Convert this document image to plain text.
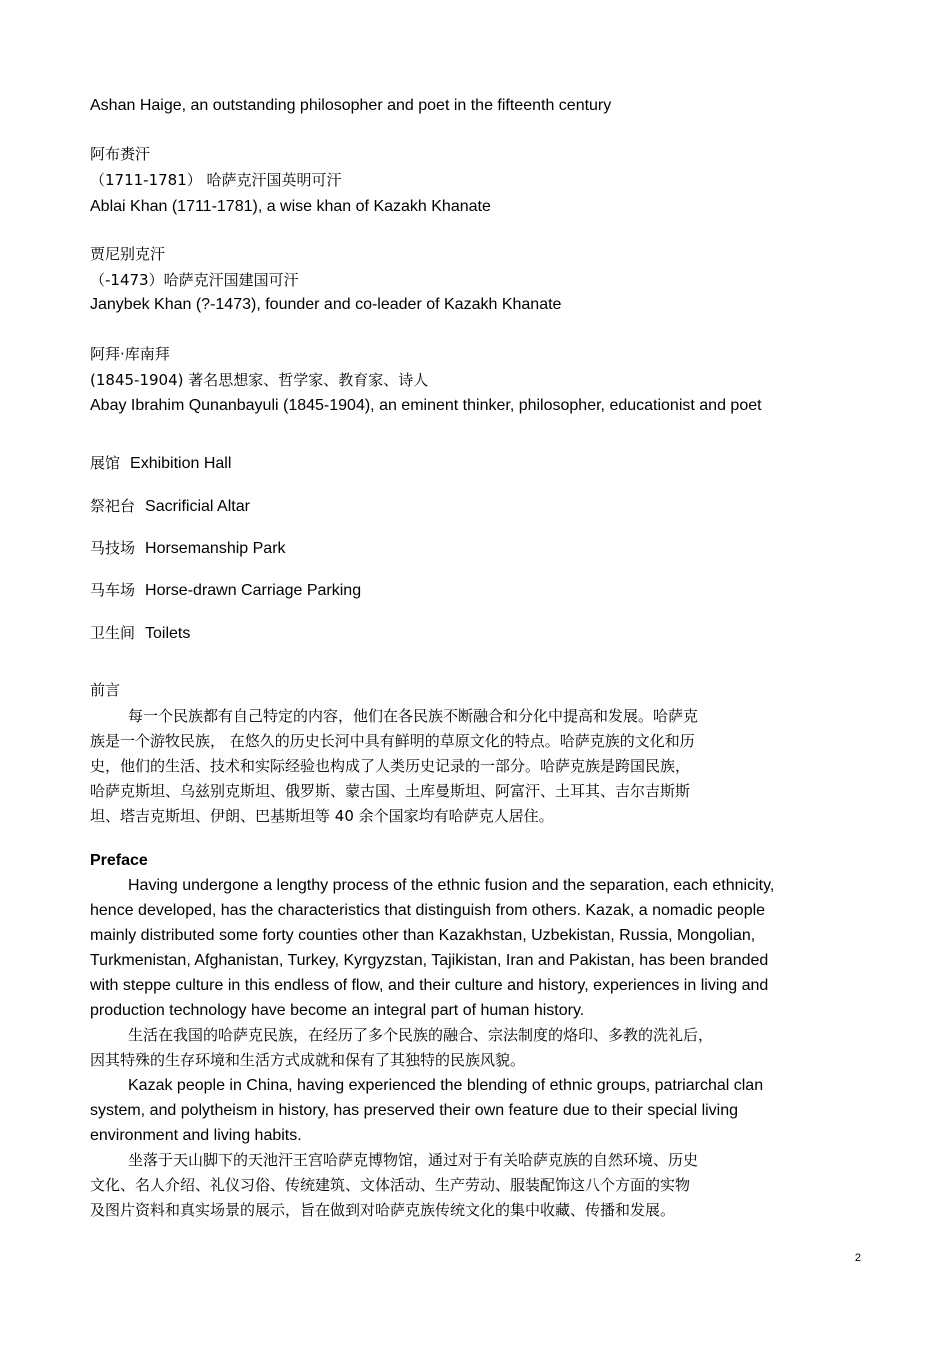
Ashan Haige, an outstanding philosopher and poet in the fifteenth century
阿布赉汗
（1711-1781） 哈萨克汗国英明可汗
Ablai Khan (1711-1781), a wise khan of Kazakh Khanate
贾尼别克汗
（-1473）哈萨克汗国建国可汗
Janybek Khan (?-1473), founder and co-leader of Kazakh Khanate
阿拜·库南拜
(1845-1904) 著名思想家、哲学家、教育家、诗人
Abay Ibrahim Qunanbayuli (1845-1904), an eminent thinker, philosopher, educationist and poet
展馆 Exhibition Hall
祭祀台 Sacrificial Altar
马技场 Horsemanship Park
马车场 Horse-drawn Carriage Parking
卫生间 Toilets
前言
每一个民族都有自己特定的内容，他们在各民族不断融合和分化中提高和发展。哈萨克
族是一个游牧民族， 在悠久的历史长河中具有鲜明的草原文化的特点。哈萨克族的文化和历
史，他们的生活、技术和实际经验也构成了人类历史记录的一部分。哈萨克族是跨国民族，
哈萨克斯坦、乌兹别克斯坦、俄罗斯、蒙古国、土库曼斯坦、阿富汗、土耳其、吉尔吉斯斯
坦、塔吉克斯坦、伊朗、巴基斯坦等 40 余个国家均有哈萨克人居住。
Preface
Having undergone a lengthy process of the ethnic fusion and the separation, each ethnicity,
hence developed, has the characteristics that distinguish from others. Kazak, a nomadic people
mainly distributed some forty counties other than Kazakhstan, Uzbekistan, Russia, Mongolian,
Turkmenistan, Afghanistan, Turkey, Kyrgyzstan, Tajikistan, Iran and Pakistan, has been branded
with steppe culture in this endless of flow, and their culture and history, experiences in living and
production technology have become an integral part of human history.
生活在我国的哈萨克民族，在经历了多个民族的融合、宗法制度的烙印、多教的洗礼后，
因其特殊的生存环境和生活方式成就和保有了其独特的民族风貌。
Kazak people in China, having experienced the blending of ethnic groups, patriarchal clan
system, and polytheism in history, has preserved their own feature due to their special living
environment and living habits.
坐落于天山脚下的天池汗王宫哈萨克博物馆，通过对于有关哈萨克族的自然环境、历史
文化、名人介绍、礼仪习俗、传统建筑、文体活动、生产劳动、服装配饰这八个方面的实物
及图片资料和真实场景的展示，旨在做到对哈萨克族传统文化的集中收藏、传播和发展。
2
